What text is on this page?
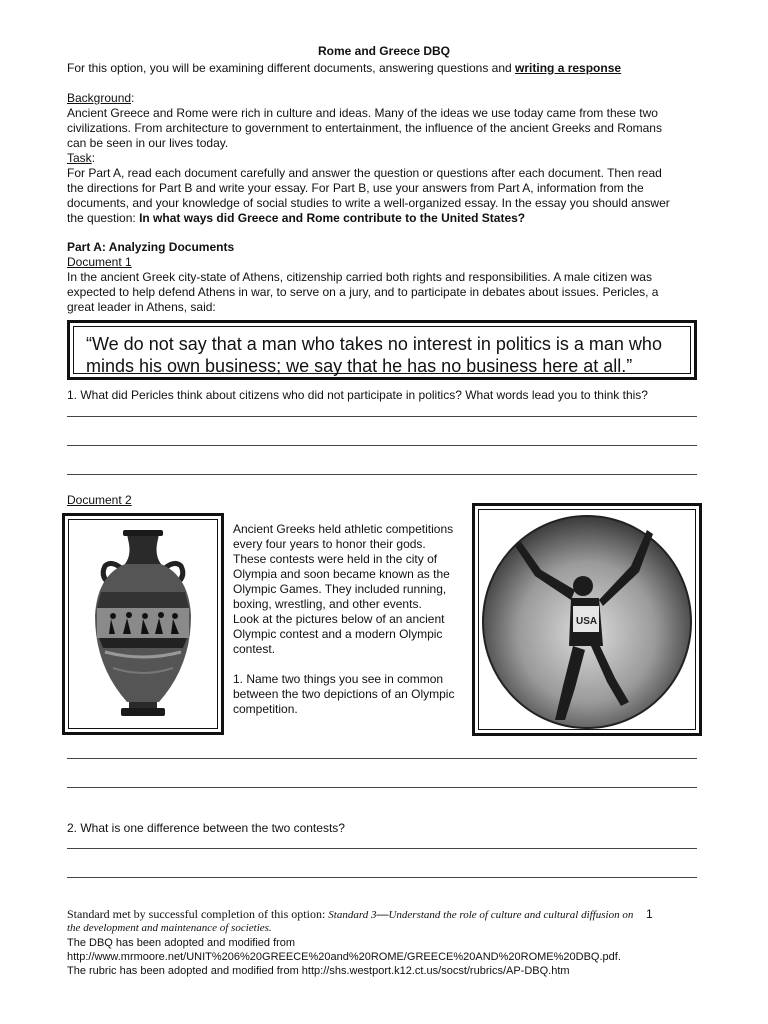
Rome and Greece DBQ
For this option, you will be examining different documents, answering questions and writing a response
Background:
Ancient Greece and Rome were rich in culture and ideas. Many of the ideas we use today came from these two
civilizations. From architecture to government to entertainment, the influence of the ancient Greeks and Romans
can be seen in our lives today.
Task:
For Part A, read each document carefully and answer the question or questions after each document. Then read
the directions for Part B and write your essay. For Part B, use your answers from Part A, information from the
documents, and your knowledge of social studies to write a well-organized essay. In the essay you should answer
the question: In what ways did Greece and Rome contribute to the United States?
Part A: Analyzing Documents
Document 1
In the ancient Greek city-state of Athens, citizenship carried both rights and responsibilities. A male citizen was
expected to help defend Athens in war, to serve on a jury, and to participate in debates about issues. Pericles, a
great leader in Athens, said:
“We do not say that a man who takes no interest in politics is a man who
minds his own business; we say that he has no business here at all.”
1. What did Pericles think about citizens who did not participate in politics? What words lead you to think this?
Document 2
Ancient Greeks held athletic competitions
every four years to honor their gods.
These contests were held in the city of
Olympia and soon became known as the
Olympic Games. They included running,
boxing, wrestling, and other events.
Look at the pictures below of an ancient
Olympic contest and a modern Olympic
contest.
1. Name two things you see in common
between the two depictions of an Olympic
competition.
USA
2. What is one difference between the two contests?
Standard met by successful completion of this option: Standard 3—Understand the role of culture and cultural diffusion on	1
the development and maintenance of societies.
The DBQ has been adopted and modified from
http://www.mrmoore.net/UNIT%206%20GREECE%20and%20ROME/GREECE%20AND%20ROME%20DBQ.pdf.
The rubric has been adopted and modified from http://shs.westport.k12.ct.us/socst/rubrics/AP-DBQ.htm
